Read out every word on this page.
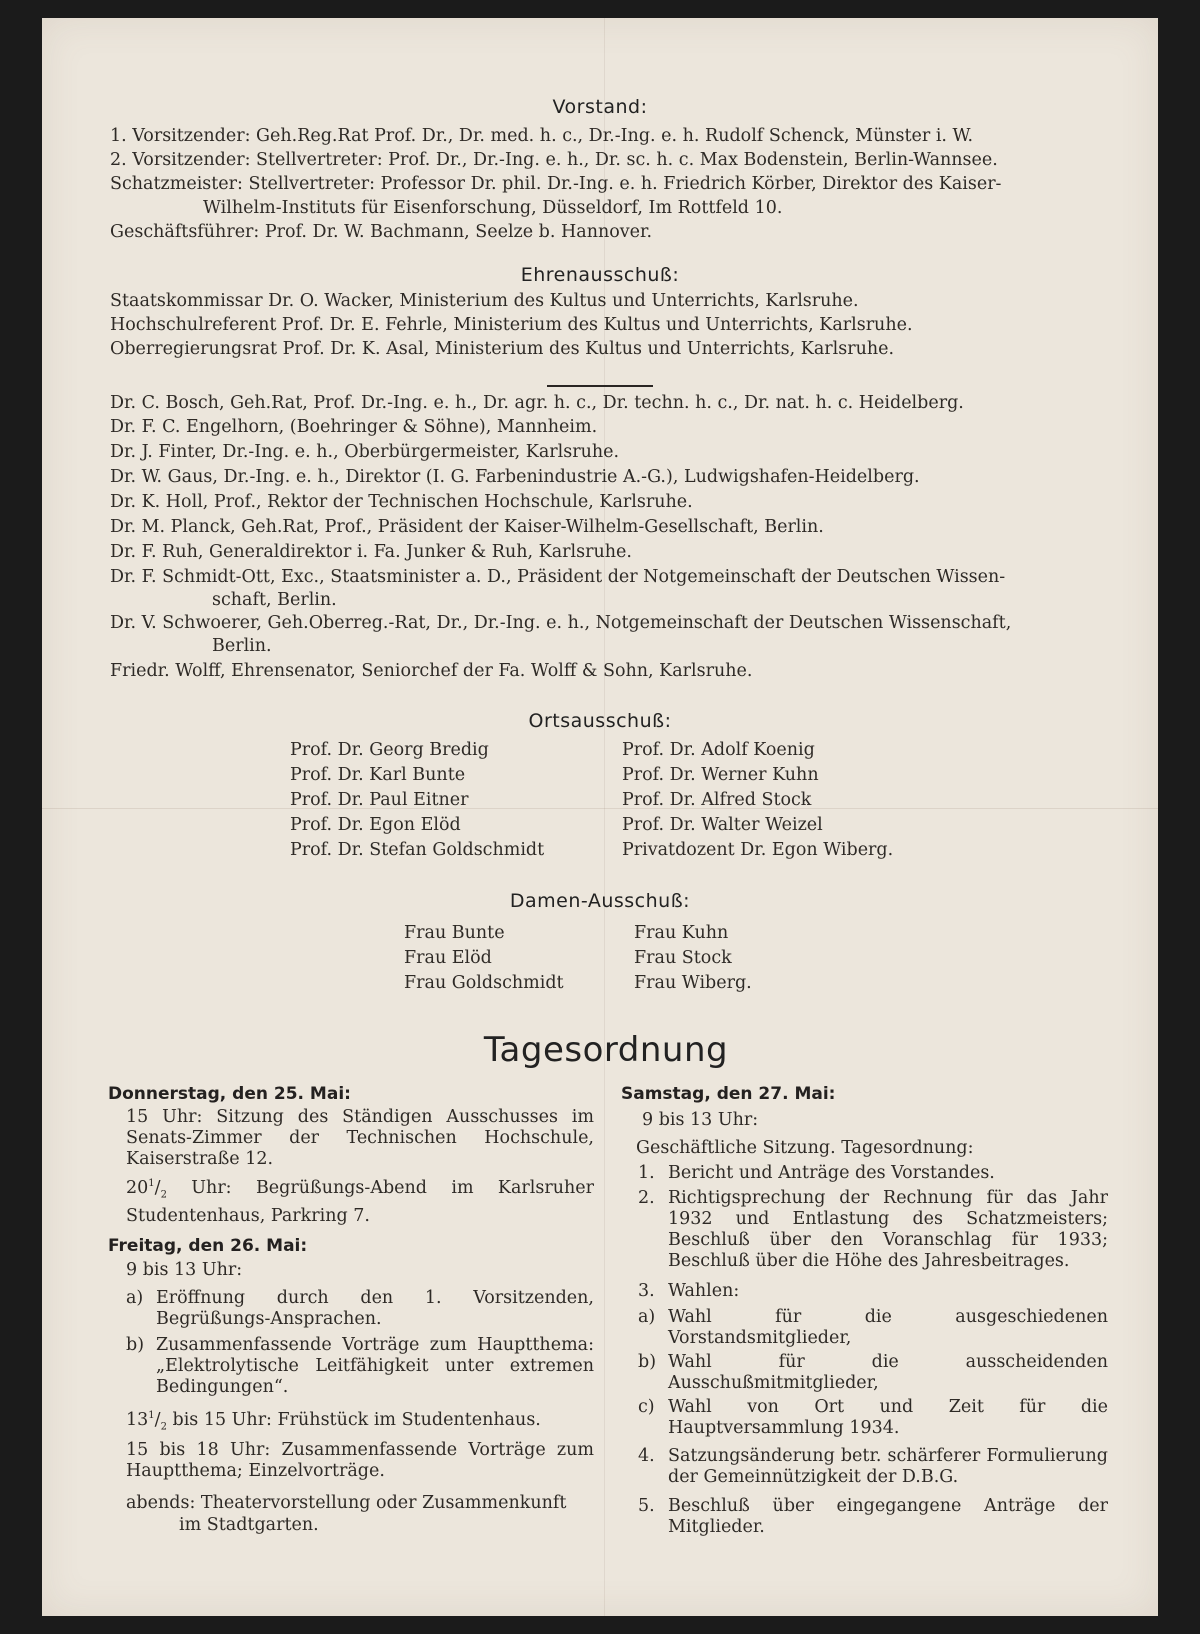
Vorstand:
1. Vorsitzender: Geh.Reg.Rat Prof. Dr., Dr. med. h. c., Dr.-Ing. e. h. Rudolf Schenck, Münster i. W.
2. Vorsitzender: Stellvertreter: Prof. Dr., Dr.-Ing. e. h., Dr. sc. h. c. Max Bodenstein, Berlin-Wannsee.
Schatzmeister: Stellvertreter: Professor Dr. phil. Dr.-Ing. e. h. Friedrich Körber, Direktor des Kaiser-
Wilhelm-Instituts für Eisenforschung, Düsseldorf, Im Rottfeld 10.
Geschäftsführer: Prof. Dr. W. Bachmann, Seelze b. Hannover.
Ehrenausschuß:
Staatskommissar Dr. O. Wacker, Ministerium des Kultus und Unterrichts, Karlsruhe.
Hochschulreferent Prof. Dr. E. Fehrle, Ministerium des Kultus und Unterrichts, Karlsruhe.
Oberregierungsrat Prof. Dr. K. Asal, Ministerium des Kultus und Unterrichts, Karlsruhe.
Dr. C. Bosch, Geh.Rat, Prof. Dr.-Ing. e. h., Dr. agr. h. c., Dr. techn. h. c., Dr. nat. h. c. Heidelberg.
Dr. F. C. Engelhorn, (Boehringer & Söhne), Mannheim.
Dr. J. Finter, Dr.-Ing. e. h., Oberbürgermeister, Karlsruhe.
Dr. W. Gaus, Dr.-Ing. e. h., Direktor (I. G. Farbenindustrie A.-G.), Ludwigshafen-Heidelberg.
Dr. K. Holl, Prof., Rektor der Technischen Hochschule, Karlsruhe.
Dr. M. Planck, Geh.Rat, Prof., Präsident der Kaiser-Wilhelm-Gesellschaft, Berlin.
Dr. F. Ruh, Generaldirektor i. Fa. Junker & Ruh, Karlsruhe.
Dr. F. Schmidt-Ott, Exc., Staatsminister a. D., Präsident der Notgemeinschaft der Deutschen Wissen-
schaft, Berlin.
Dr. V. Schwoerer, Geh.Oberreg.-Rat, Dr., Dr.-Ing. e. h., Notgemeinschaft der Deutschen Wissenschaft,
Berlin.
Friedr. Wolff, Ehrensenator, Seniorchef der Fa. Wolff & Sohn, Karlsruhe.
Ortsausschuß:
Prof. Dr. Georg Bredig
Prof. Dr. Karl Bunte
Prof. Dr. Paul Eitner
Prof. Dr. Egon Elöd
Prof. Dr. Stefan Goldschmidt
Prof. Dr. Adolf Koenig
Prof. Dr. Werner Kuhn
Prof. Dr. Alfred Stock
Prof. Dr. Walter Weizel
Privatdozent Dr. Egon Wiberg.
Damen-Ausschuß:
Frau Bunte
Frau Elöd
Frau Goldschmidt
Frau Kuhn
Frau Stock
Frau Wiberg.
Tagesordnung
Donnerstag, den 25. Mai:
15 Uhr: Sitzung des Ständigen Ausschusses im Senats-Zimmer der Technischen Hochschule, Kaiserstraße 12.
$20^1/_2$ Uhr: Begrüßungs-Abend im Karlsruher Studentenhaus, Parkring 7.
Freitag, den 26. Mai:
9 bis 13 Uhr:
a) Eröffnung durch den 1. Vorsitzenden, Begrüßungs-Ansprachen.
b) Zusammenfassende Vorträge zum Hauptthema: „Elektrolytische Leitfähigkeit unter extremen Bedingungen“.
$13^1/_2$ bis 15 Uhr: Frühstück im Studentenhaus.
15 bis 18 Uhr: Zusammenfassende Vorträge zum Hauptthema; Einzelvorträge.
abends: Theatervorstellung oder Zusammenkunft
im Stadtgarten.
Samstag, den 27. Mai:
9 bis 13 Uhr:
Geschäftliche Sitzung. Tagesordnung:
1. Bericht und Anträge des Vorstandes.
2. Richtigsprechung der Rechnung für das Jahr 1932 und Entlastung des Schatzmeisters; Beschluß über den Voranschlag für 1933; Beschluß über die Höhe des Jahresbeitrages.
3. Wahlen:
a) Wahl für die ausgeschiedenen Vorstandsmitglieder,
b) Wahl für die ausscheidenden Ausschußmitmitglieder,
c) Wahl von Ort und Zeit für die Hauptversammlung 1934.
4. Satzungsänderung betr. schärferer Formulierung der Gemeinnützigkeit der D.B.G.
5. Beschluß über eingegangene Anträge der Mitglieder.
